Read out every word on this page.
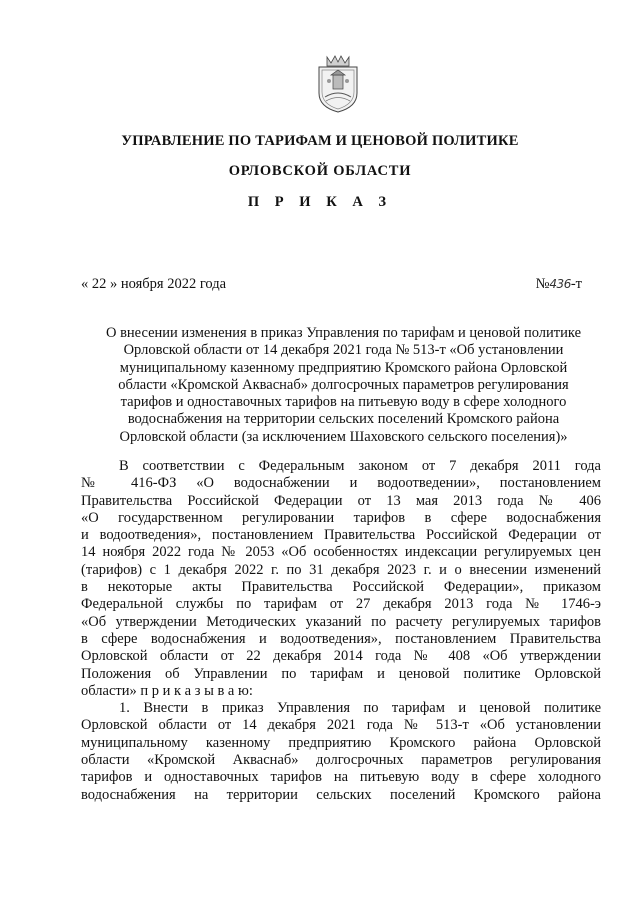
УПРАВЛЕНИЕ ПО ТАРИФАМ И ЦЕНОВОЙ ПОЛИТИКЕ
ОРЛОВСКОЙ ОБЛАСТИ
П Р И К А З
« 22 » ноября 2022 года	№436-т
О внесении изменения в приказ Управления по тарифам и ценовой политике
Орловской области от 14 декабря 2021 года № 513-т «Об установлении
муниципальному казенному предприятию Кромского района Орловской
области «Кромской Акваснаб» долгосрочных параметров регулирования
тарифов и одноставочных тарифов на питьевую воду в сфере холодного
водоснабжения на территории сельских поселений Кромского района
Орловской области (за исключением Шаховского сельского поселения)»
В соответствии с Федеральным законом от 7 декабря 2011 года
№ 416-ФЗ «О водоснабжении и водоотведении», постановлением
Правительства Российской Федерации от 13 мая 2013 года № 406
«О государственном регулировании тарифов в сфере водоснабжения
и водоотведения», постановлением Правительства Российской Федерации от
14 ноября 2022 года № 2053 «Об особенностях индексации регулируемых цен
(тарифов) с 1 декабря 2022 г. по 31 декабря 2023 г. и о внесении изменений
в некоторые акты Правительства Российской Федерации», приказом
Федеральной службы по тарифам от 27 декабря 2013 года № 1746-э
«Об утверждении Методических указаний по расчету регулируемых тарифов
в сфере водоснабжения и водоотведения», постановлением Правительства
Орловской области от 22 декабря 2014 года № 408 «Об утверждении
Положения об Управлении по тарифам и ценовой политике Орловской
области» п р и к а з ы в а ю:
1. Внести в приказ Управления по тарифам и ценовой политике
Орловской области от 14 декабря 2021 года № 513-т «Об установлении
муниципальному казенному предприятию Кромского района Орловской
области «Кромской Акваснаб» долгосрочных параметров регулирования
тарифов и одноставочных тарифов на питьевую воду в сфере холодного
водоснабжения на территории сельских поселений Кромского района
